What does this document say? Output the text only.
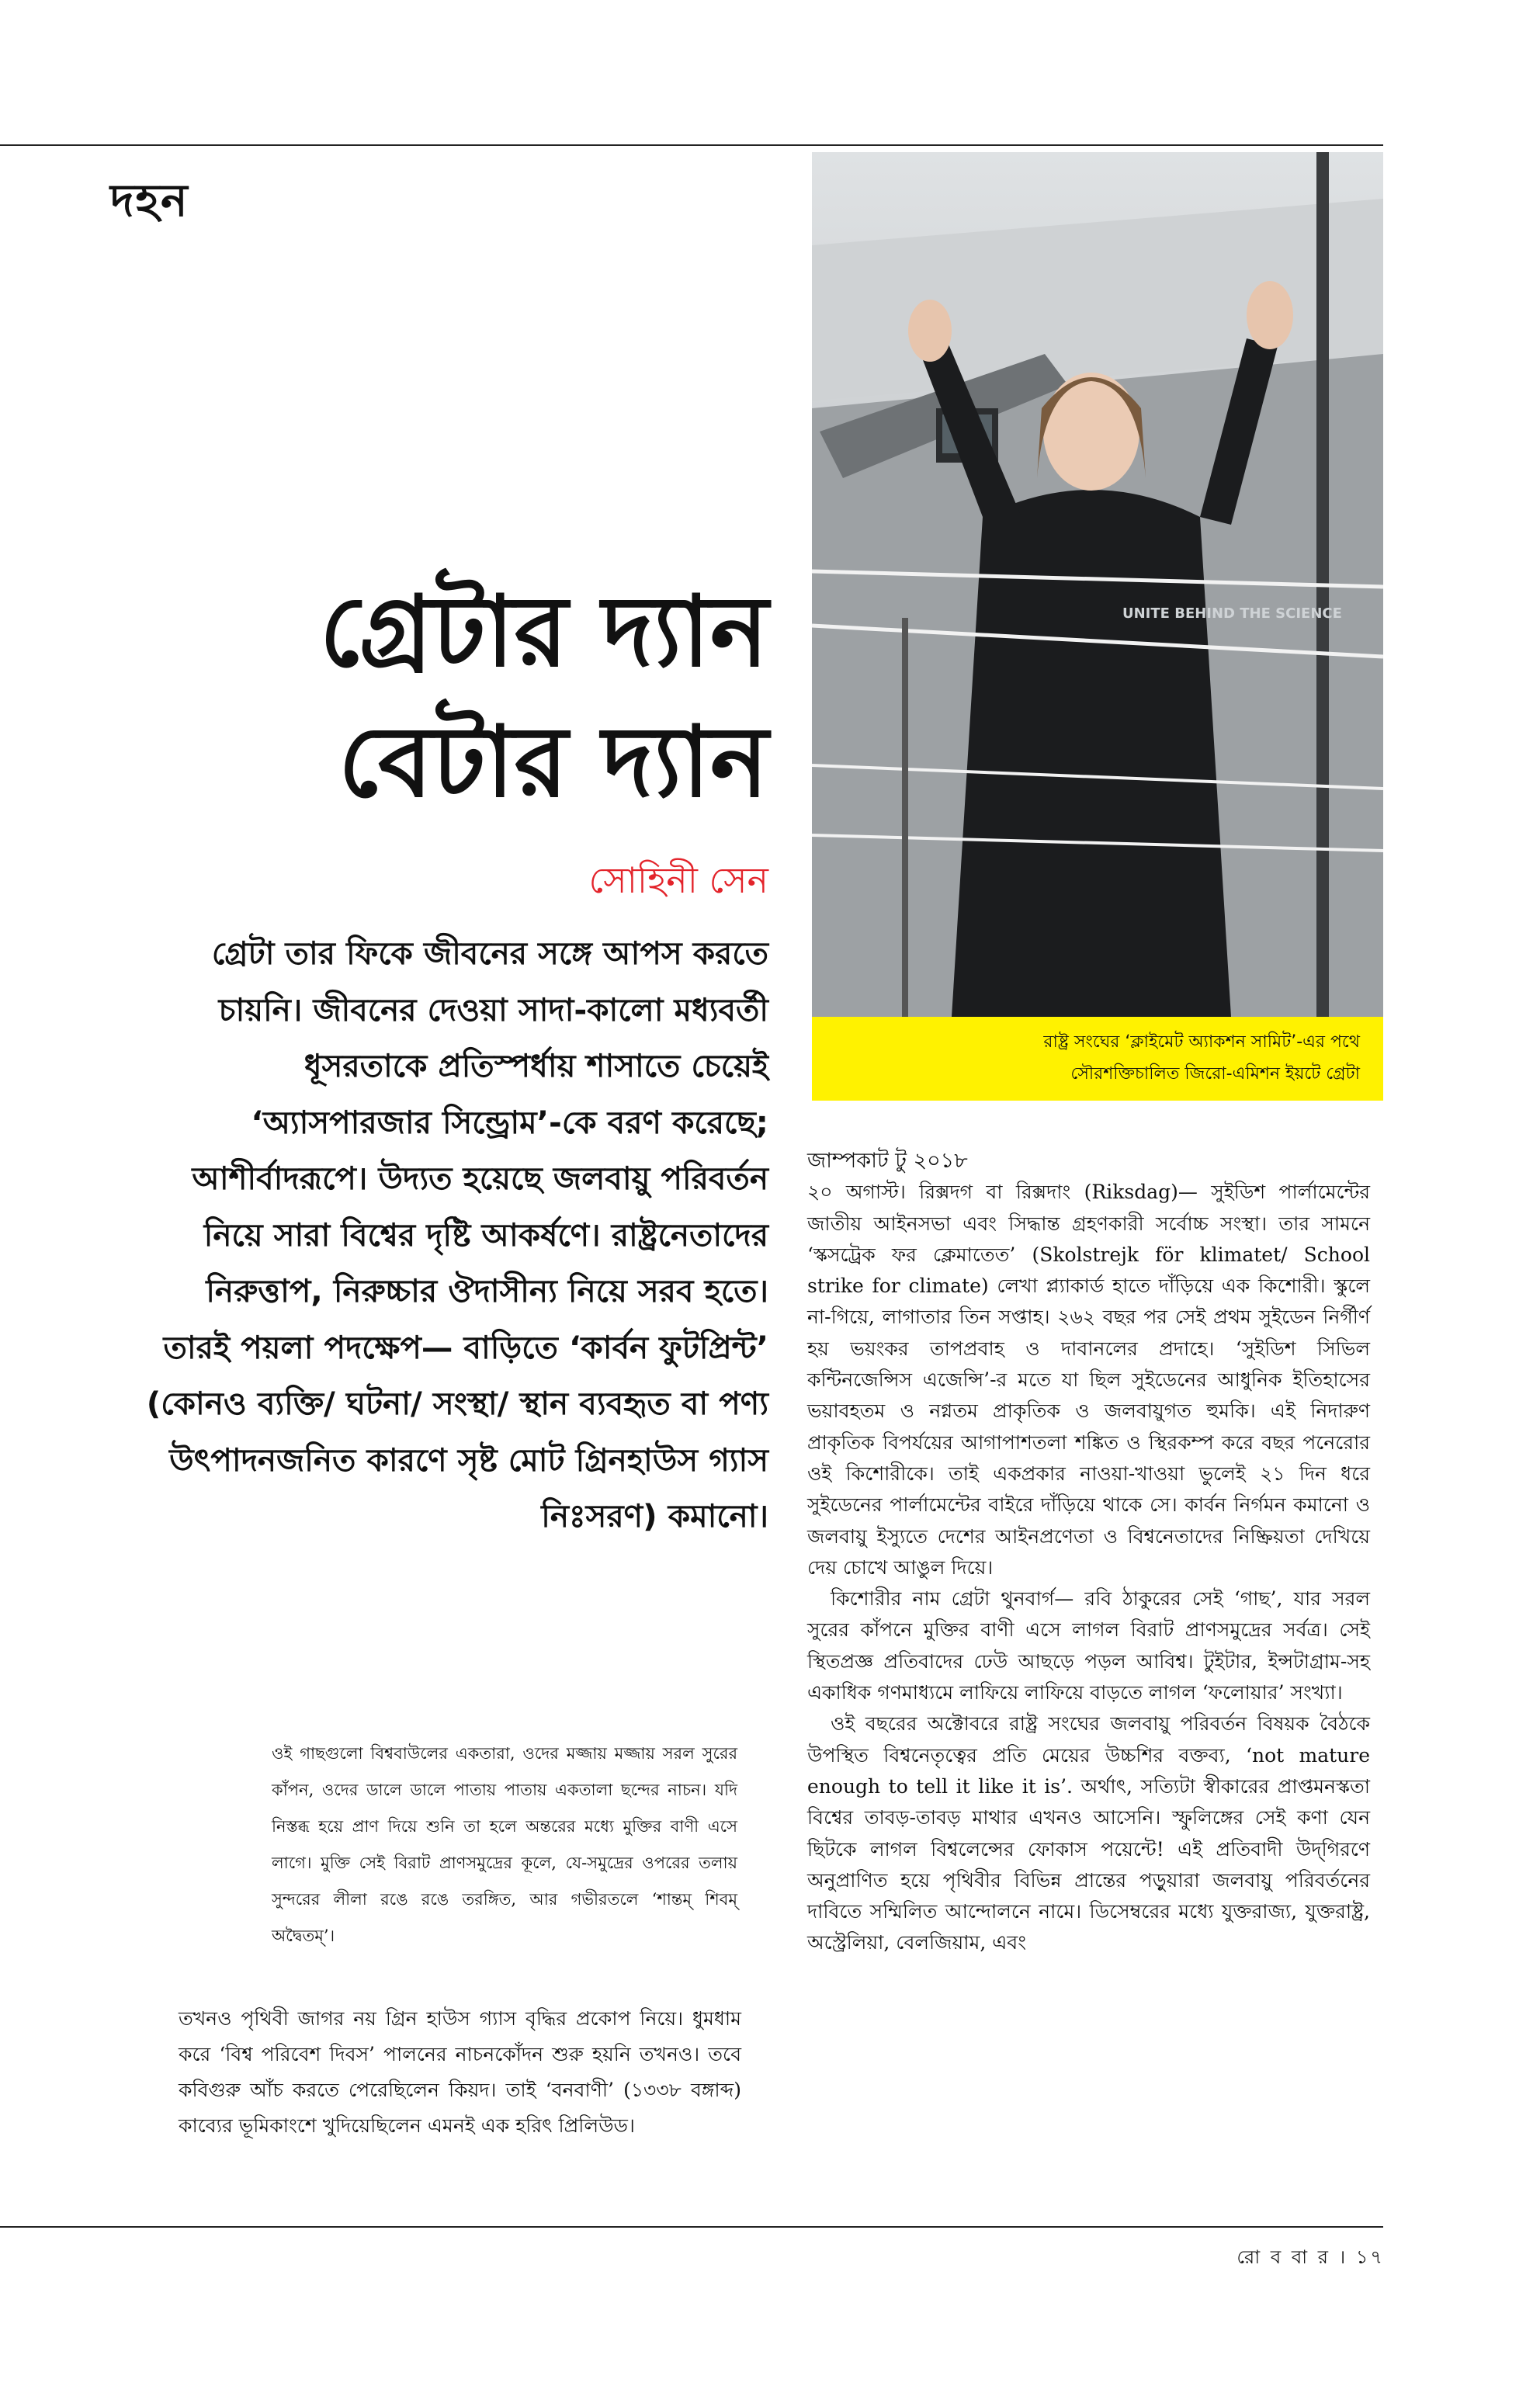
দহন
গ্রেটার দ্যান
বেটার দ্যান
সোহিনী সেন

গ্রেটা তার ফিকে জীবনের সঙ্গে আপস করতে চায়নি। জীবনের দেওয়া সাদা-কালো মধ্যবর্তী ধূসরতাকে প্রতিস্পর্ধায় শাসাতে চেয়েই ‘অ্যাসপারজার সিন্ড্রোম’-কে বরণ করেছে; আশীর্বাদরূপে। উদ্যত হয়েছে জলবায়ু পরিবর্তন নিয়ে সারা বিশ্বের দৃষ্টি আকর্ষণে। রাষ্ট্রনেতাদের নিরুত্তাপ, নিরুচ্চার ঔদাসীন্য নিয়ে সরব হতে। তারই পয়লা পদক্ষেপ— বাড়িতে ‘কার্বন ফুটপ্রিন্ট’ (কোনও ব্যক্তি/ ঘটনা/ সংস্থা/ স্থান ব্যবহৃত বা পণ্য উৎপাদনজনিত কারণে সৃষ্ট মোট গ্রিনহাউস গ্যাস নিঃসরণ) কমানো।

ওই গাছগুলো বিশ্ববাউলের একতারা, ওদের মজ্জায় মজ্জায় সরল সুরের কাঁপন, ওদের ডালে ডালে পাতায় পাতায় একতালা ছন্দের নাচন। যদি নিস্তব্ধ হয়ে প্রাণ দিয়ে শুনি তা হলে অন্তরের মধ্যে মুক্তির বাণী এসে লাগে। মুক্তি সেই বিরাট প্রাণসমুদ্রের কূলে, যে-সমুদ্রের ওপরের তলায় সুন্দরের লীলা রঙে রঙে তরঙ্গিত, আর গভীরতলে ‘শান্তম্ শিবম্ অদ্বৈতম্’।

তখনও পৃথিবী জাগর নয় গ্রিন হাউস গ্যাস বৃদ্ধির প্রকোপ নিয়ে। ধুমধাম করে ‘বিশ্ব পরিবেশ দিবস’ পালনের নাচনকোঁদন শুরু হয়নি তখনও। তবে কবিগুরু আঁচ করতে পেরেছিলেন কিয়দ। তাই ‘বনবাণী’ (১৩৩৮ বঙ্গাব্দ) কাব্যের ভূমিকাংশে খুদিয়েছিলেন এমনই এক হরিৎ প্রিলিউড।

UNITE BEHIND THE SCIENCE

রাষ্ট্র সংঘের ‘ক্লাইমেট অ্যাকশন সামিট’-এর পথে
সৌরশক্তিচালিত জিরো-এমিশন ইয়টে গ্রেটা

জাম্পকাট টু ২০১৮

২০ অগাস্ট। রিক্সদগ বা রিক্সদাং (Riksdag)— সুইডিশ পার্লামেন্টের জাতীয় আইনসভা এবং সিদ্ধান্ত গ্রহণকারী সর্বোচ্চ সংস্থা। তার সামনে ‘স্কসট্রেক ফর ক্লেমাতেত’ (Skolstrejk för klimatet/ School strike for climate) লেখা প্ল্যাকার্ড হাতে দাঁড়িয়ে এক কিশোরী। স্কুলে না-গিয়ে, লাগাতার তিন সপ্তাহ। ২৬২ বছর পর সেই প্রথম সুইডেন নির্গীর্ণ হয় ভয়ংকর তাপপ্রবাহ ও দাবানলের প্রদাহে। ‘সুইডিশ সিভিল কন্টিনজেন্সিস এজেন্সি’-র মতে যা ছিল সুইডেনের আধুনিক ইতিহাসের ভয়াবহতম ও নগ্নতম প্রাকৃতিক ও জলবায়ুগত হুমকি। এই নিদারুণ প্রাকৃতিক বিপর্যয়ের আগাপাশতলা শঙ্কিত ও স্থিরকম্প করে বছর পনেরোর ওই কিশোরীকে। তাই একপ্রকার নাওয়া-খাওয়া ভুলেই ২১ দিন ধরে সুইডেনের পার্লামেন্টের বাইরে দাঁড়িয়ে থাকে সে। কার্বন নির্গমন কমানো ও জলবায়ু ইস্যুতে দেশের আইনপ্রণেতা ও বিশ্বনেতাদের নিষ্ক্রিয়তা দেখিয়ে দেয় চোখে আঙুল দিয়ে।

কিশোরীর নাম গ্রেটা থুনবার্গ— রবি ঠাকুরের সেই ‘গাছ’, যার সরল সুরের কাঁপনে মুক্তির বাণী এসে লাগল বিরাট প্রাণসমুদ্রের সর্বত্র। সেই স্থিতপ্রজ্ঞ প্রতিবাদের ঢেউ আছড়ে পড়ল আবিশ্ব। টুইটার, ইন্সটাগ্রাম-সহ একাধিক গণমাধ্যমে লাফিয়ে লাফিয়ে বাড়তে লাগল ‘ফলোয়ার’ সংখ্যা।

ওই বছরের অক্টোবরে রাষ্ট্র সংঘের জলবায়ু পরিবর্তন বিষয়ক বৈঠকে উপস্থিত বিশ্বনেতৃত্বের প্রতি মেয়ের উচ্চশির বক্তব্য, ‘not mature enough to tell it like it is’. অর্থাৎ, সত্যিটা স্বীকারের প্রাপ্তমনস্কতা বিশ্বের তাবড়-তাবড় মাথার এখনও আসেনি। স্ফুলিঙ্গের সেই কণা যেন ছিটকে লাগল বিশ্বলেন্সের ফোকাস পয়েন্টে! এই প্রতিবাদী উদ্‌গিরণে অনুপ্রাণিত হয়ে পৃথিবীর বিভিন্ন প্রান্তের পড়ুয়ারা জলবায়ু পরিবর্তনের দাবিতে সম্মিলিত আন্দোলনে নামে। ডিসেম্বরের মধ্যে যুক্তরাজ্য, যুক্তরাষ্ট্র, অস্ট্রেলিয়া, বেলজিয়াম, এবং

রো ব বা র । ১৭
